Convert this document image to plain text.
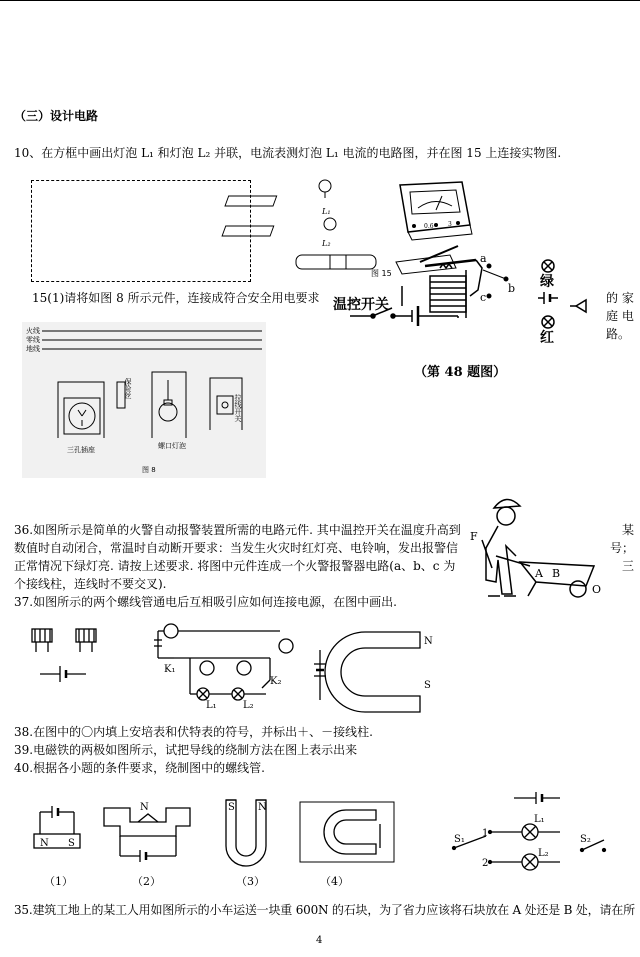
（三）设计电路
10、在方框中画出灯泡 L₁ 和灯泡 L₂ 并联，电流表测灯泡 L₁ 电流的电路图，并在图 15 上连接实物图.
图 15
L₁
L₂
0.6 3
15(1)请将如图 8 所示元件，连接成符合安全用电要求	的 家
庭 电
路。
a
b
c
温控开关
绿
红
（第 48 题图）
火线
零线
地线
保险丝
三孔插座	螺口灯泡
拉线开关
图 8
36.如图所示是简单的火警自动报警装置所需的电路元件. 其中温控开关在温度升高到	某
数值时自动闭合，常温时自动断开要求：当发生火灾时红灯亮、电铃响，发出报警信	号；
正常情况下绿灯亮. 请按上述要求. 将图中元件连成一个火警报警器电路(a、b、c 为	三
个接线柱，连线时不要交叉).
F
A B
O
37.如图所示的两个螺线管通电后互相吸引应如何连接电源，在图中画出.
K₁
K₂
L₁	L₂
N
S
38.在图中的〇内填上安培表和伏特表的符号，并标出＋、－接线柱.
39.电磁铁的两极如图所示，试把导线的绕制方法在图上表示出来
40.根据各小题的条件要求，绕制图中的螺线管.
N S
N	S N
S₁	S₂
L₁
L₂
1
2
（1）	（2）	（3）	（4）
35.建筑工地上的某工人用如图所示的小车运送一块重 600N 的石块，为了省力应该将石块放在 A 处还是 B 处，请在所
4
